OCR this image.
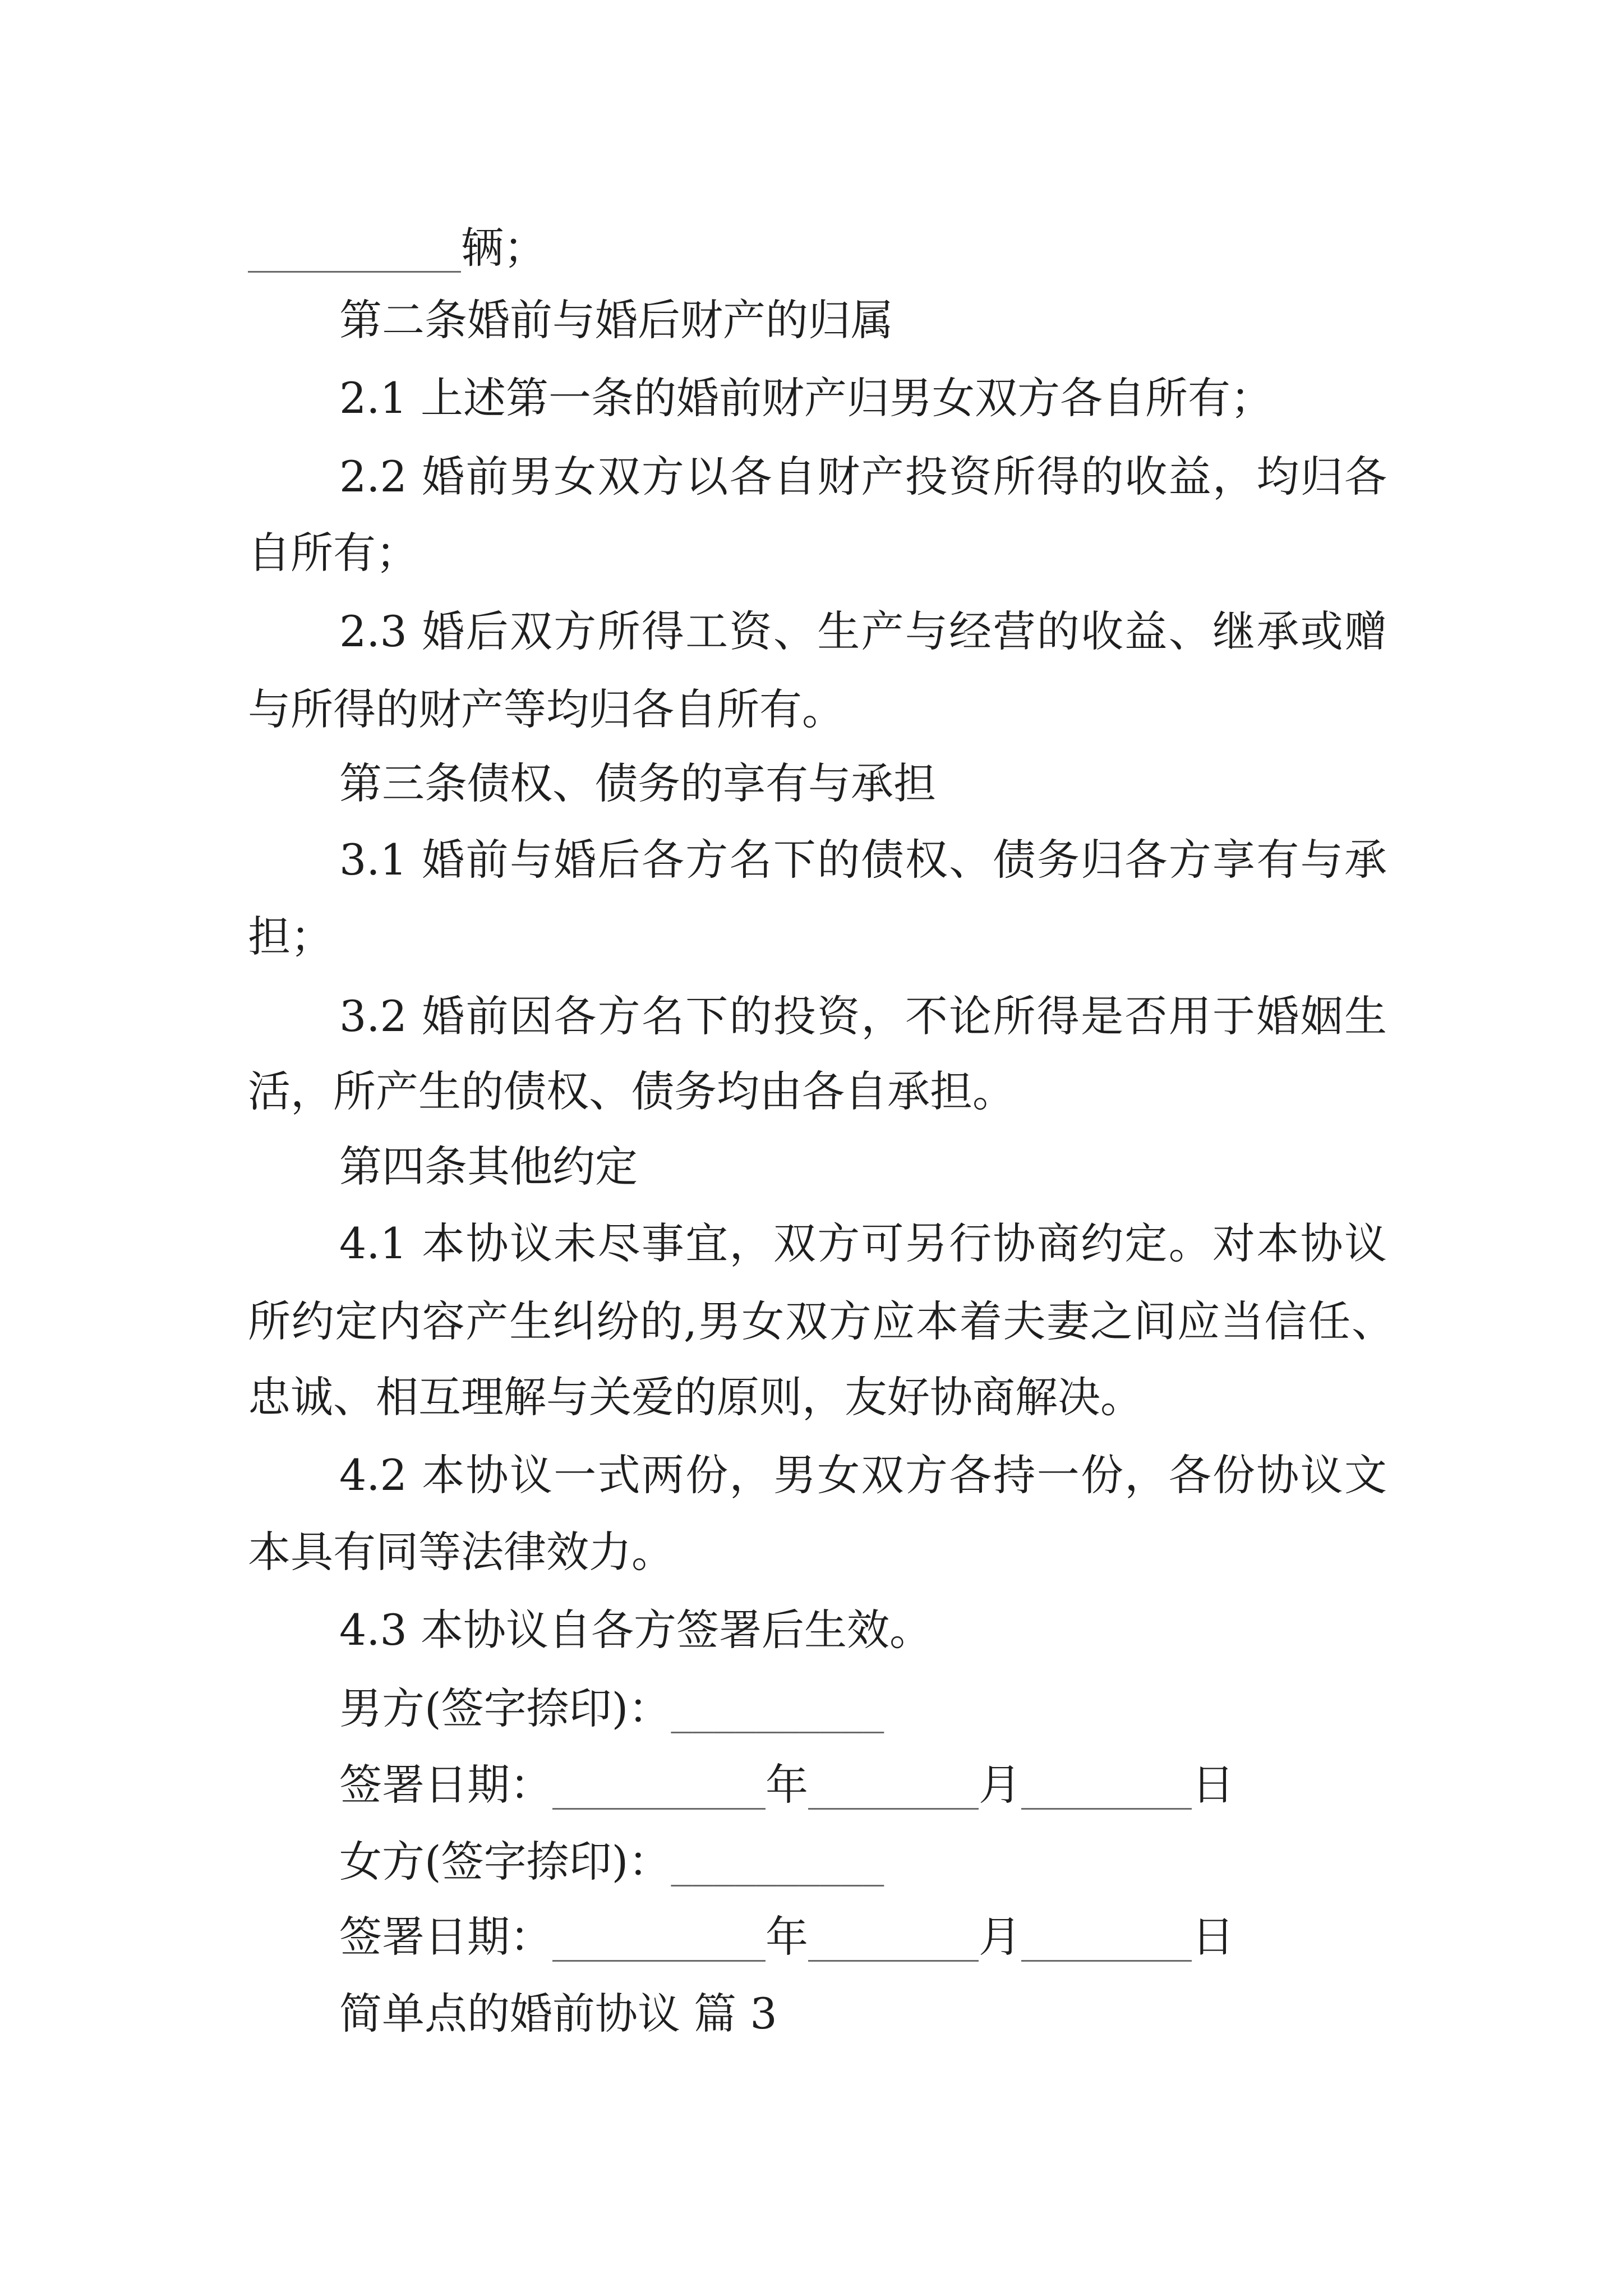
__________辆；
第二条婚前与婚后财产的归属
2.1 上述第一条的婚前财产归男女双方各自所有；
2.2 婚前男女双方以各自财产投资所得的收益，均归各
自所有；
2.3 婚后双方所得工资、生产与经营的收益、继承或赠
与所得的财产等均归各自所有。
第三条债权、债务的享有与承担
3.1 婚前与婚后各方名下的债权、债务归各方享有与承
担；
3.2 婚前因各方名下的投资，不论所得是否用于婚姻生
活，所产生的债权、债务均由各自承担。
第四条其他约定
4.1 本协议未尽事宜，双方可另行协商约定。对本协议
所约定内容产生纠纷的,男女双方应本着夫妻之间应当信任、
忠诚、相互理解与关爱的原则，友好协商解决。
4.2 本协议一式两份，男女双方各持一份，各份协议文
本具有同等法律效力。
4.3 本协议自各方签署后生效。
男方(签字捺印)：__________
签署日期：__________年________月________日
女方(签字捺印)：__________
签署日期：__________年________月________日
简单点的婚前协议 篇 3
